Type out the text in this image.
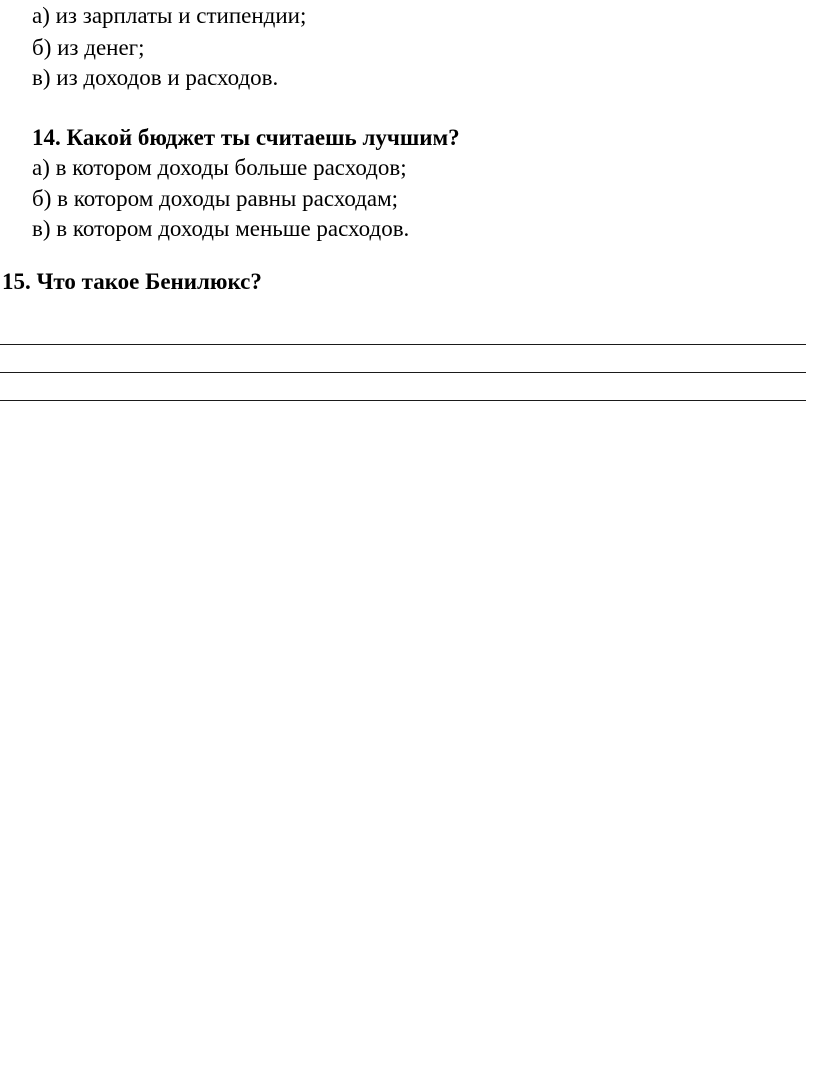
а) из зарплаты и стипендии;
б) из денег;
в) из доходов и расходов.
14. Какой бюджет ты считаешь лучшим?
а) в котором доходы больше расходов;
б) в котором доходы равны расходам;
в) в котором доходы меньше расходов.
15. Что такое Бенилюкс?
